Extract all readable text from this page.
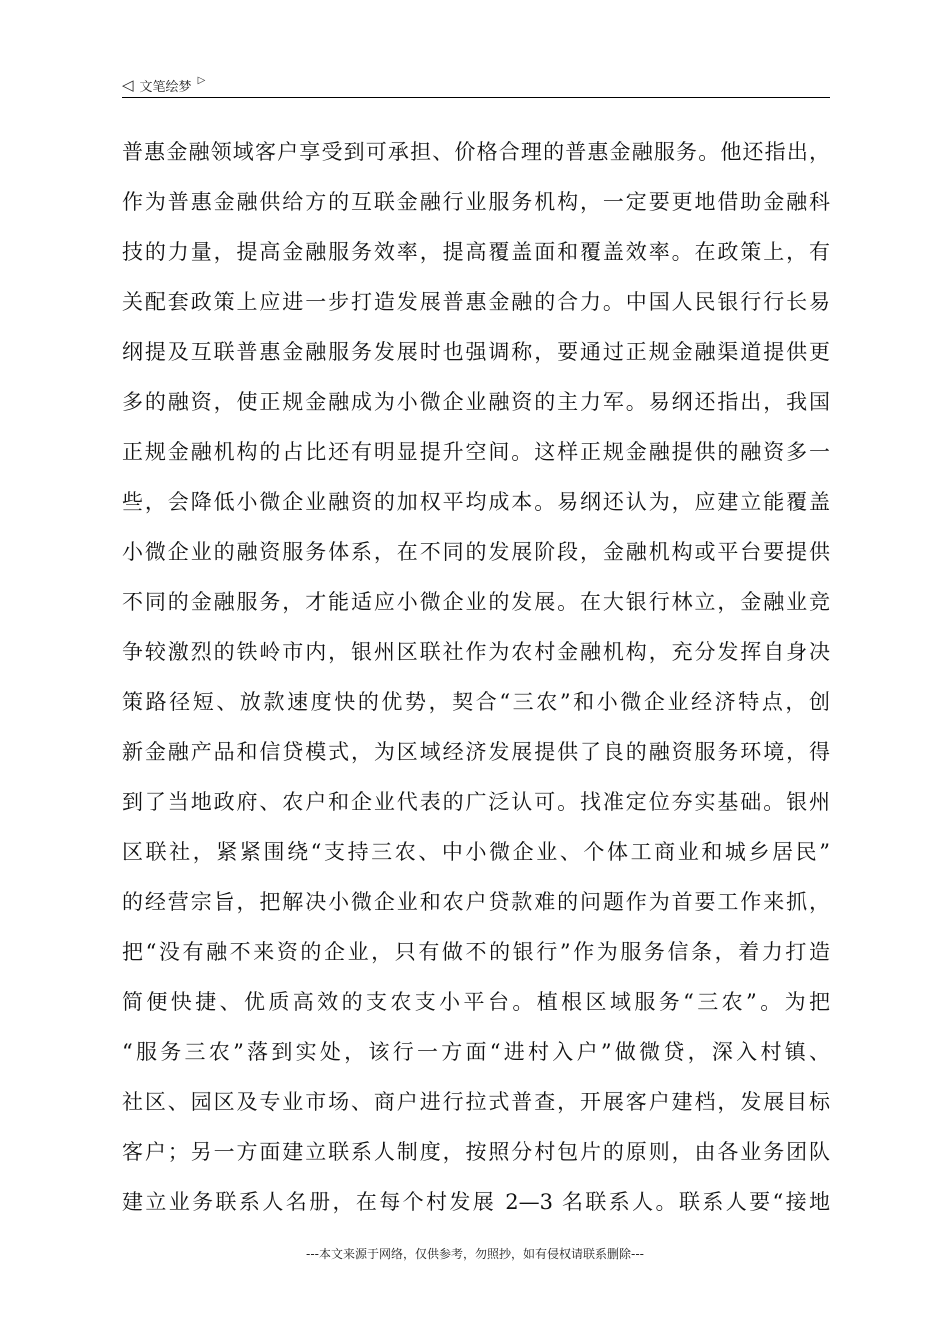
◁ 文笔绘梦 ▷
普惠金融领域客户享受到可承担、价格合理的普惠金融服务。他还指出，
作为普惠金融供给方的互联金融行业服务机构，一定要更地借助金融科
技的力量，提高金融服务效率，提高覆盖面和覆盖效率。在政策上，有
关配套政策上应进一步打造发展普惠金融的合力。中国人民银行行长易
纲提及互联普惠金融服务发展时也强调称，要通过正规金融渠道提供更
多的融资，使正规金融成为小微企业融资的主力军。易纲还指出，我国
正规金融机构的占比还有明显提升空间。这样正规金融提供的融资多一
些，会降低小微企业融资的加权平均成本。易纲还认为，应建立能覆盖
小微企业的融资服务体系，在不同的发展阶段，金融机构或平台要提供
不同的金融服务，才能适应小微企业的发展。在大银行林立，金融业竞
争较激烈的铁岭市内，银州区联社作为农村金融机构，充分发挥自身决
策路径短、放款速度快的优势，契合“三农”和小微企业经济特点，创
新金融产品和信贷模式，为区域经济发展提供了良的融资服务环境，得
到了当地政府、农户和企业代表的广泛认可。找准定位夯实基础。银州
区联社，紧紧围绕“支持三农、中小微企业、个体工商业和城乡居民”
的经营宗旨，把解决小微企业和农户贷款难的问题作为首要工作来抓，
把“没有融不来资的企业，只有做不的银行”作为服务信条，着力打造
简便快捷、优质高效的支农支小平台。植根区域服务“三农”。为把
“服务三农”落到实处，该行一方面“进村入户”做微贷，深入村镇、
社区、园区及专业市场、商户进行拉式普查，开展客户建档，发展目标
客户；另一方面建立联系人制度，按照分村包片的原则，由各业务团队
建立业务联系人名册，在每个村发展 2—3 名联系人。联系人要“接地
---本文来源于网络，仅供参考，勿照抄，如有侵权请联系删除---
